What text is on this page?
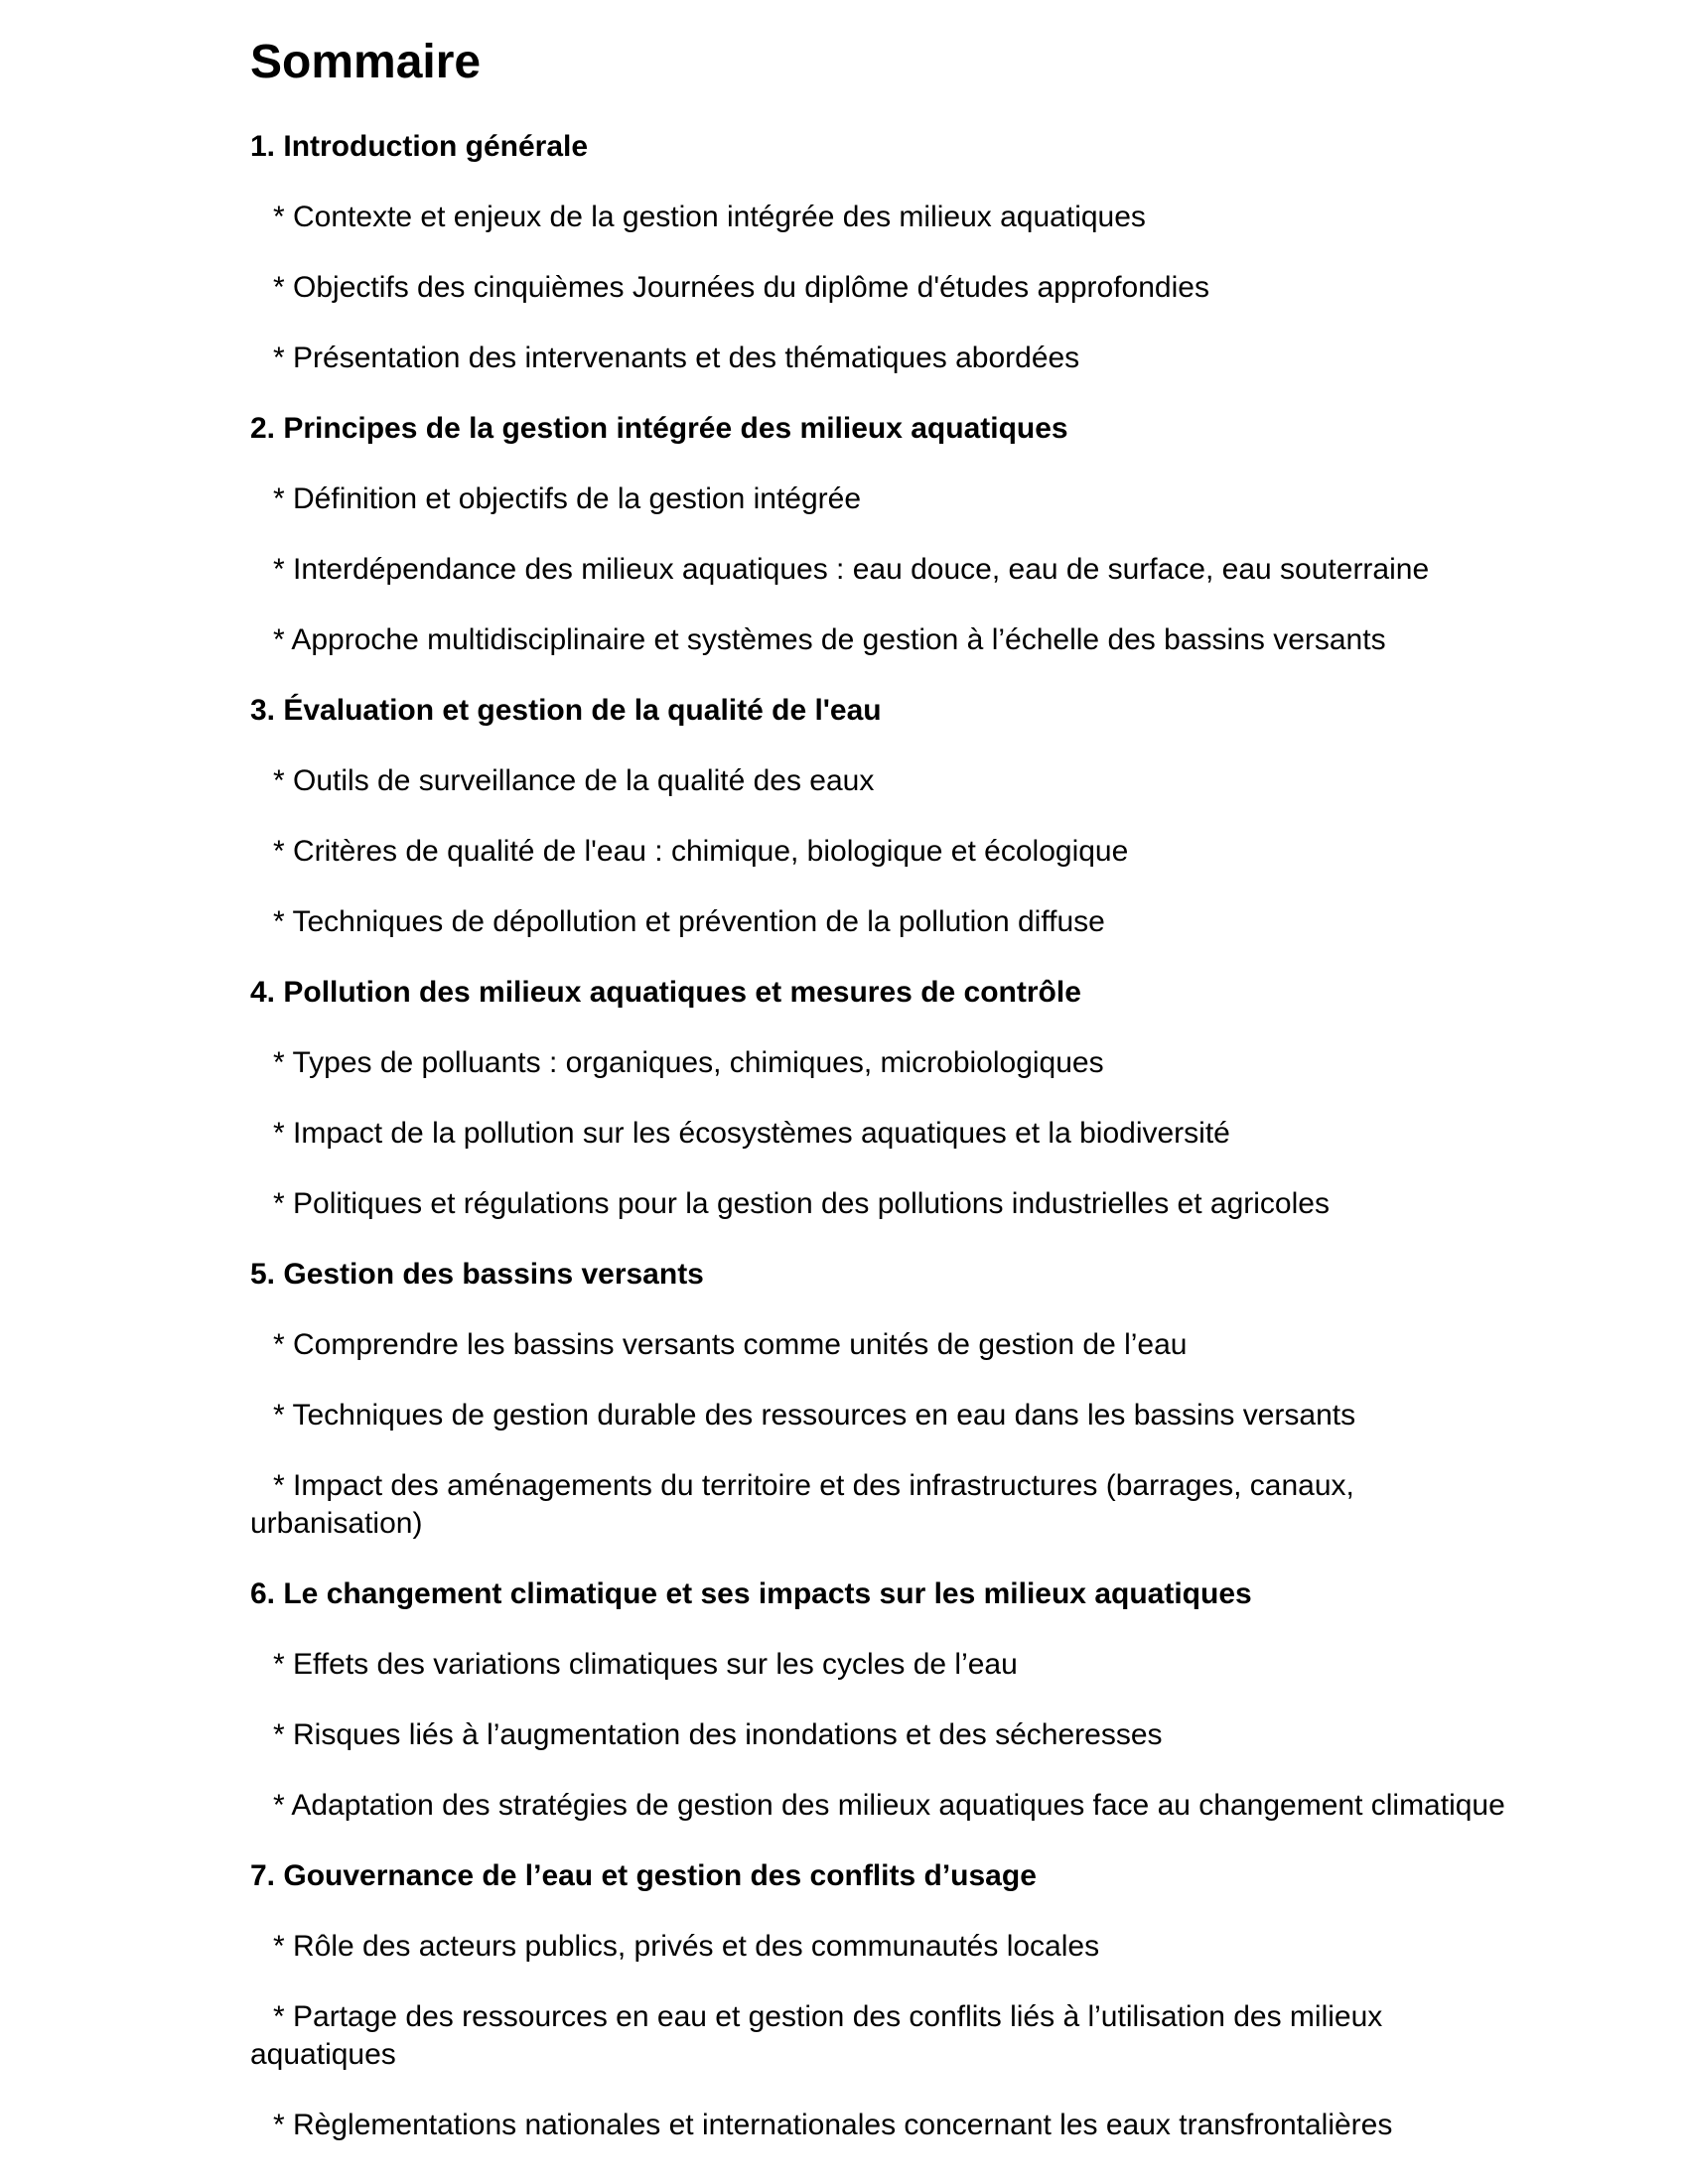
Sommaire
1. Introduction générale
* Contexte et enjeux de la gestion intégrée des milieux aquatiques
* Objectifs des cinquièmes Journées du diplôme d'études approfondies
* Présentation des intervenants et des thématiques abordées
2. Principes de la gestion intégrée des milieux aquatiques
* Définition et objectifs de la gestion intégrée
* Interdépendance des milieux aquatiques : eau douce, eau de surface, eau souterraine
* Approche multidisciplinaire et systèmes de gestion à l’échelle des bassins versants
3. Évaluation et gestion de la qualité de l'eau
* Outils de surveillance de la qualité des eaux
* Critères de qualité de l'eau : chimique, biologique et écologique
* Techniques de dépollution et prévention de la pollution diffuse
4. Pollution des milieux aquatiques et mesures de contrôle
* Types de polluants : organiques, chimiques, microbiologiques
* Impact de la pollution sur les écosystèmes aquatiques et la biodiversité
* Politiques et régulations pour la gestion des pollutions industrielles et agricoles
5. Gestion des bassins versants
* Comprendre les bassins versants comme unités de gestion de l’eau
* Techniques de gestion durable des ressources en eau dans les bassins versants
* Impact des aménagements du territoire et des infrastructures (barrages, canaux,
urbanisation)
6. Le changement climatique et ses impacts sur les milieux aquatiques
* Effets des variations climatiques sur les cycles de l’eau
* Risques liés à l’augmentation des inondations et des sécheresses
* Adaptation des stratégies de gestion des milieux aquatiques face au changement climatique
7. Gouvernance de l’eau et gestion des conflits d’usage
* Rôle des acteurs publics, privés et des communautés locales
* Partage des ressources en eau et gestion des conflits liés à l’utilisation des milieux
aquatiques
* Règlementations nationales et internationales concernant les eaux transfrontalières
